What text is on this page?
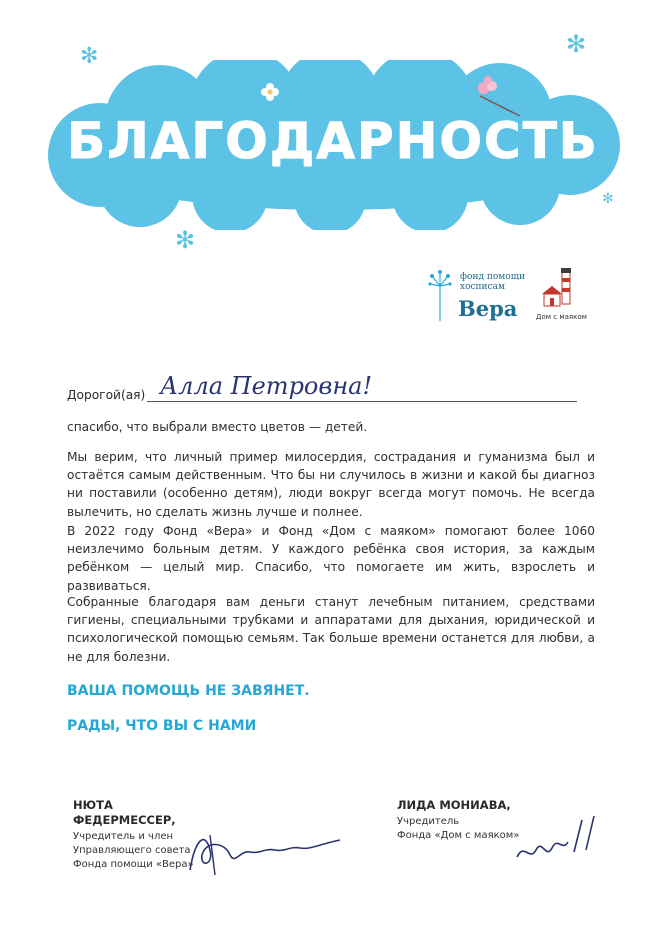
✻	✻
✻
✻
БЛАГОДАРНОСТЬ
фонд помощи
хосписам
Вера	Дом с маяком
Дорогой(ая) Алла Петровна!
спасибо, что выбрали вместо цветов — детей.
Мы верим, что личный пример милосердия, сострадания и гуманизма был и остаётся самым действенным. Что бы ни случилось в жизни и какой бы диагноз ни поставили (особенно детям), люди вокруг всегда могут помочь. Не всегда вылечить, но сделать жизнь лучше и полнее.
В 2022 году Фонд «Вера» и Фонд «Дом с маяком» помогают более 1060 неизлечимо больным детям. У каждого ребёнка своя история, за каждым ребёнком — целый мир. Спасибо, что помогаете им жить, взрослеть и развиваться.
Собранные благодаря вам деньги станут лечебным питанием, средствами гигиены, специальными трубками и аппаратами для дыхания, юридической и психологической помощью семьям. Так больше времени останется для любви, а не для болезни.
ВАША ПОМОЩЬ НЕ ЗАВЯНЕТ.
РАДЫ, ЧТО ВЫ С НАМИ
НЮТА
ФЕДЕРМЕССЕР,
Учредитель и член
Управляющего совета
Фонда помощи «Вера»
ЛИДА МОНИАВА,
Учредитель
Фонда «Дом с маяком»
